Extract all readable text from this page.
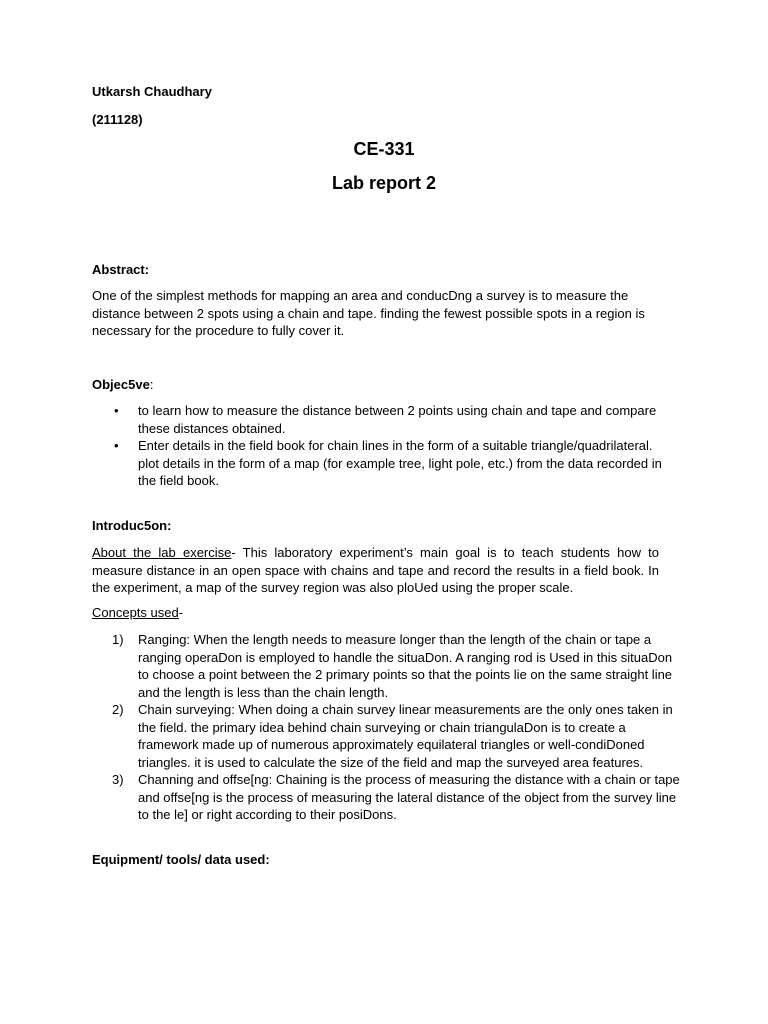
Utkarsh Chaudhary
(211128)
CE-331
Lab report 2
Abstract:

One of the simplest methods for mapping an area and conducDng a survey is to measure the distance between 2 spots using a chain and tape. finding the fewest possible spots in a region is necessary for the procedure to fully cover it.

Objec5ve:
• to learn how to measure the distance between 2 points using chain and tape and compare these distances obtained.
• Enter details in the field book for chain lines in the form of a suitable triangle/quadrilateral. plot details in the form of a map (for example tree, light pole, etc.) from the data recorded in the field book.
Introduc5on:

About the lab exercise- This laboratory experiment’s main goal is to teach students how to measure distance in an open space with chains and tape and record the results in a field book. In the experiment, a map of the survey region was also ploUed using the proper scale.

Concepts used-
1) Ranging: When the length needs to measure longer than the length of the chain or tape a ranging operaDon is employed to handle the situaDon. A ranging rod is Used in this situaDon to choose a point between the 2 primary points so that the points lie on the same straight line and the length is less than the chain length.
2) Chain surveying: When doing a chain survey linear measurements are the only ones taken in the field. the primary idea behind chain surveying or chain triangulaDon is to create a framework made up of numerous approximately equilateral triangles or well-condiDoned triangles. it is used to calculate the size of the field and map the surveyed area features.
3) Channing and offse[ng: Chaining is the process of measuring the distance with a chain or tape and offse[ng is the process of measuring the lateral distance of the object from the survey line to the le] or right according to their posiDons.
Equipment/ tools/ data used:
